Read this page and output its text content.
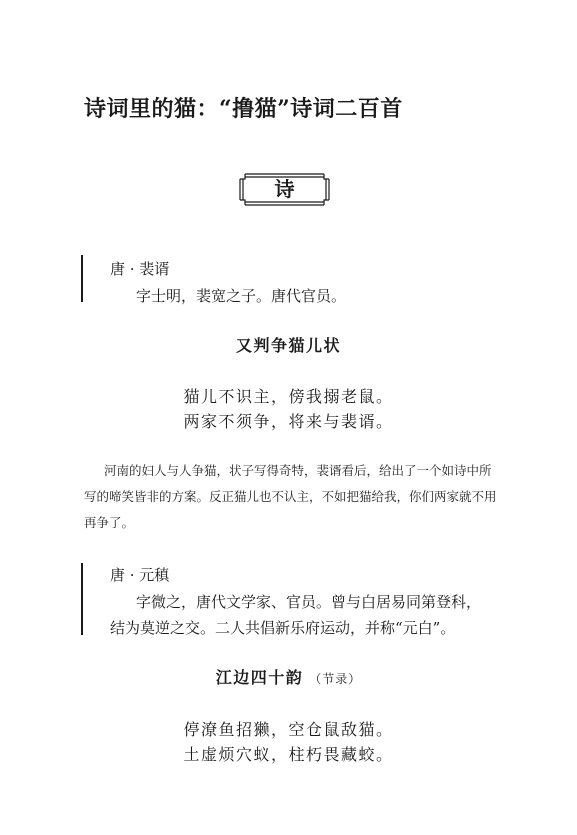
诗词里的猫：“撸猫”诗词二百首
诗
唐 · 裴谞
字士明，裴宽之子。唐代官员。
又判争猫儿状
猫儿不识主，傍我搦老鼠。
两家不须争，将来与裴谞。
河南的妇人与人争猫，状子写得奇特，裴谞看后，给出了一个如诗中所
写的啼笑皆非的方案。反正猫儿也不认主，不如把猫给我，你们两家就不用
再争了。
唐 · 元稹
字微之，唐代文学家、官员。曾与白居易同第登科，
结为莫逆之交。二人共倡新乐府运动，并称“元白”。
江边四十韵 （节录）
停潦鱼招獭，空仓鼠敌猫。
土虚烦穴蚁，柱朽畏藏蛟。
